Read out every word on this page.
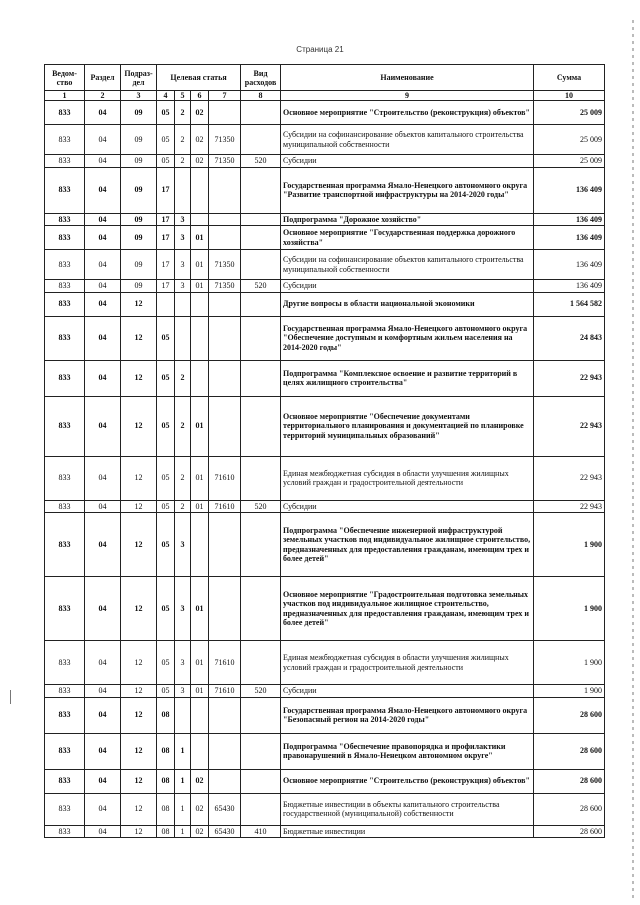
Страница 21
Ведом-ство	Раздел	Подраз-дел	Целевая статья				Вид расходов	Наименование	Сумма
1	2	3	4	5	6	7	8	9	10
833	04	09	05	2	02			Основное мероприятие "Строительство (реконструкция) объектов"	25 009
833	04	09	05	2	02	71350		Субсидии на софинансирование объектов капитального строительства муниципальной собственности	25 009
833	04	09	05	2	02	71350	520	Субсидии	25 009
833	04	09	17					Государственная программа Ямало-Ненецкого автономного округа "Развитие транспортной инфраструктуры на 2014-2020 годы"	136 409
833	04	09	17	3				Подпрограмма "Дорожное хозяйство"	136 409
833	04	09	17	3	01			Основное мероприятие "Государственная поддержка дорожного хозяйства"	136 409
833	04	09	17	3	01	71350		Субсидии на софинансирование объектов капитального строительства муниципальной собственности	136 409
833	04	09	17	3	01	71350	520	Субсидии	136 409
833	04	12						Другие вопросы в области национальной экономики	1 564 582
833	04	12	05					Государственная программа Ямало-Ненецкого автономного округа "Обеспечение доступным и комфортным жильем населения на 2014-2020 годы"	24 843
833	04	12	05	2				Подпрограмма "Комплексное освоение и развитие территорий в целях жилищного строительства"	22 943
833	04	12	05	2	01			Основное мероприятие "Обеспечение документами территориального планирования и документацией по планировке территорий муниципальных образований"	22 943
833	04	12	05	2	01	71610		Единая межбюджетная субсидия в области улучшения жилищных условий граждан и градостроительной деятельности	22 943
833	04	12	05	2	01	71610	520	Субсидии	22 943
833	04	12	05	3				Подпрограмма "Обеспечение инженерной инфраструктурой земельных участков под индивидуальное жилищное строительство, предназначенных для предоставления гражданам, имеющим трех и более детей"	1 900
833	04	12	05	3	01			Основное мероприятие "Градостроительная подготовка земельных участков под индивидуальное жилищное строительство, предназначенных для предоставления гражданам, имеющим трех и более детей"	1 900
833	04	12	05	3	01	71610		Единая межбюджетная субсидия в области улучшения жилищных условий граждан и градостроительной деятельности	1 900
833	04	12	05	3	01	71610	520	Субсидии	1 900
833	04	12	08					Государственная программа Ямало-Ненецкого автономного округа "Безопасный регион на 2014-2020 годы"	28 600
833	04	12	08	1				Подпрограмма "Обеспечение правопорядка и профилактики правонарушений в Ямало-Ненецком автономном округе"	28 600
833	04	12	08	1	02			Основное мероприятие "Строительство (реконструкция) объектов"	28 600
833	04	12	08	1	02	65430		Бюджетные инвестиции в объекты капитального строительства государственной (муниципальной) собственности	28 600
833	04	12	08	1	02	65430	410	Бюджетные инвестиции	28 600
